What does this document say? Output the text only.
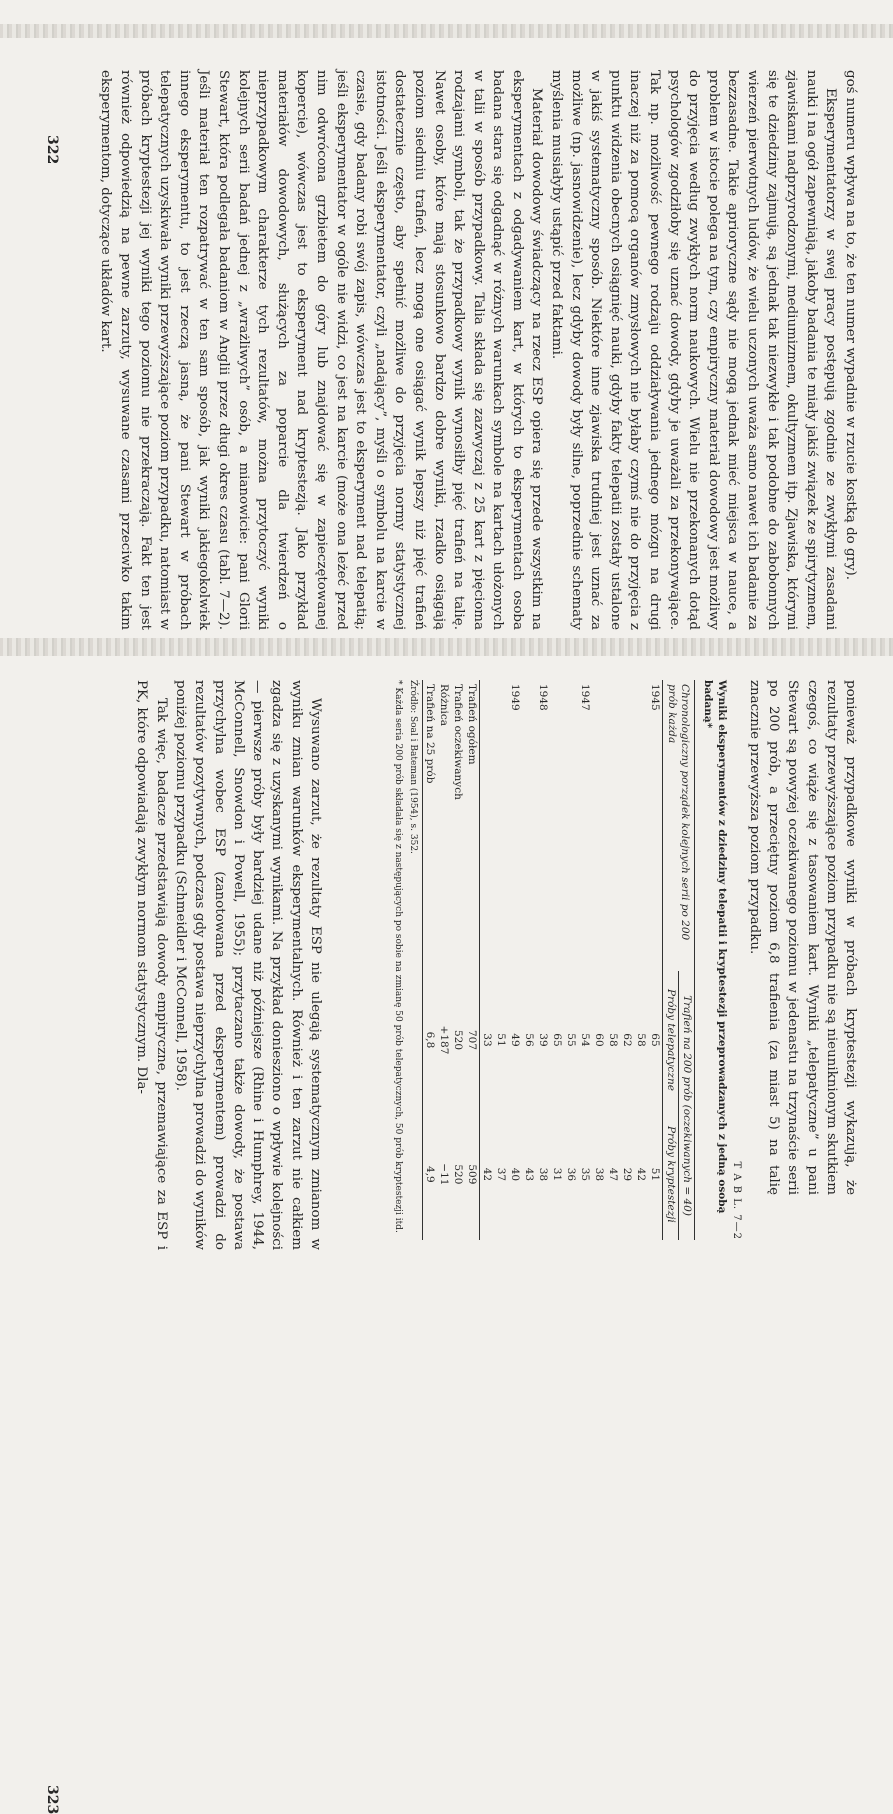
goś numeru wpływa na to, że ten numer wypadnie w rzucie kostką do gry).

Eksperymentatorzy w swej pracy postępują zgodnie ze zwykłymi zasadami nauki i na ogół zapewniają, jakoby badania te miały jakiś związek ze spirytyzmem, zjawiskami nadprzyrodzonymi, mediumizmem, okultyzmem itp. Zjawiska, którymi się te dziedziny zajmują, są jednak tak niezwykłe i tak podobne do zabobonnych wierzeń pierwotnych ludów, że wielu uczonych uważa samo nawet ich badanie za bezzasadne. Takie aprioryczne sądy nie mogą jednak mieć miejsca w nauce, a problem w istocie polega na tym, czy empiryczny materiał dowodowy jest możliwy do przyjęcia według zwykłych norm naukowych. Wielu nie przekonanych dotąd psychologów zgodziłoby się uznać dowody, gdyby je uważali za przekonywające. Tak np. możliwość pewnego rodzaju oddziaływania jednego mózgu na drugi inaczej niż za pomocą organów zmysłowych nie byłaby czymś nie do przyjęcia z punktu widzenia obecnych osiągnięć nauki, gdyby fakty telepatii zostały ustalone w jakiś systematyczny sposób. Niektóre inne zjawiska trudniej jest uznać za możliwe (np. jasnowidzenie), lecz gdyby dowody były silne, poprzednie schematy myślenia musiałyby ustąpić przed faktami.

Materiał dowodowy świadczący na rzecz ESP opiera się przede wszystkim na eksperymentach z odgadywaniem kart, w których to eksperymentach osoba badana stara się odgadnąć w różnych warunkach symbole na kartach ułożonych w talii w sposób przypadkowy. Talia składa się zazwyczaj z 25 kart z pięcioma rodzajami symboli, tak że przypadkowy wynik wynosiłby pięć trafień na talię. Nawet osoby, które mają stosunkowo bardzo dobre wyniki, rzadko osiągają poziom siedmiu trafień, lecz mogą one osiągać wynik lepszy niż pięć trafień dostatecznie często, aby spełnić możliwe do przyjęcia normy statystycznej istotności. Jeśli eksperymentator, czyli „nadający”, myśli o symbolu na karcie w czasie, gdy badany robi swój zapis, wówczas jest to eksperyment nad telepatią; jeśli eksperymentator w ogóle nie widzi, co jest na karcie (może ona leżeć przed nim odwrócona grzbietem do góry lub znajdować się w zapieczętowanej kopercie), wówczas jest to eksperyment nad kryptestezją. Jako przykład materiałów dowodowych, służących za poparcie dla twierdzeń o nieprzypadkowym charakterze tych rezultatów, można przytoczyć wyniki kolejnych serii badań jednej z „wrażliwych” osób, a mianowicie: pani Glorii Stewart, która podlegała badaniom w Anglii przez długi okres czasu (tabl. 7—2). Jeśli materiał ten rozpatrywać w ten sam sposób, jak wyniki jakiegokolwiek innego eksperymentu, to jest rzeczą jasną, że pani Stewart w próbach telepatycznych uzyskiwała wyniki przewyższające poziom przypadku, natomiast w próbach kryptestezji jej wyniki tego poziomu nie przekraczają. Fakt ten jest również odpowiedzią na pewne zarzuty, wysuwane czasami przeciwko takim eksperymentom, dotyczące układów kart.

322

ponieważ przypadkowe wyniki w próbach kryptestezji wykazują, że rezultaty przewyższające poziom przypadku nie są nieuniknionym skutkiem czegoś, co wiąże się z tasowaniem kart. Wyniki „telepatyczne” u pani Stewart są powyżej oczekiwanego poziomu w jedenastu na trzynaście serii po 200 prób, a przeciętny poziom 6,8 trafienia (za miast 5) na talię znacznie przewyższa poziom przypadku.

T A B L. 7—2
Wyniki eksperymentów z dziedziny telepatii i kryptestezji przeprowadzanych z jedną osobą badaną*
Chronologiczny porządek kolejnych serii po 200 prób każda	Trafień na 200 prób (oczekiwanych = 40)	
	Próby telepatyczne	Próby kryptestezji
1945	65	51
	58	42
	62	29
	58	47
	60	38
1947	54	35
	55	36
	65	31
1948	39	38
	56	43
1949	49	40
	51	37
	33	42
Trafień ogółem	707	509
Trafień oczekiwanych	520	520
Różnica	+187	−11
Trafień na 25 prób	6,8	4,9
Źródło: Soal i Bateman (1954), s. 352.
* Każda seria 200 prób składała się z następujących po sobie na zmianę 50 prób telepatycznych, 50 prób kryptestezji itd.

Wysuwano zarzut, że rezultaty ESP nie ulegają systematycznym zmianom w wyniku zmian warunków eksperymentalnych. Również i ten zarzut nie całkiem zgadza się z uzyskanymi wynikami. Na przykład doniesziono o wpływie kolejności — pierwsze próby były bardziej udane niż późniejsze (Rhine i Humphrey, 1944, McConnell, Snowdon i Powell, 1955); przytaczano także dowody, że postawa przychylna wobec ESP (zanotowana przed eksperymentem) prowadzi do rezultatów pozytywnych, podczas gdy postawa nieprzychylna prowadzi do wyników poniżej poziomu przypadku (Schmeidler i McConnell, 1958).

Tak więc, badacze przedstawiają dowody empiryczne, przemawiające za ESP i PK, które odpowiadają zwykłym normom statystycznym. Dla-

323
